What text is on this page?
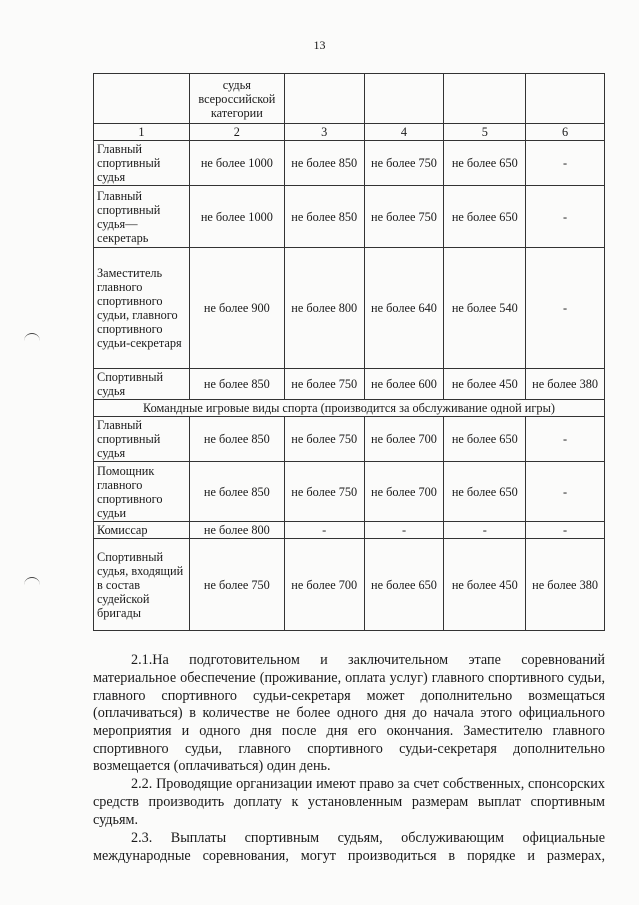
13
	судья всероссийской категории				
1	2	3	4	5	6
Главный спортивный судья	не более 1000	не более 850	не более 750	не более 650	-
Главный спортивный судья— секретарь	не более 1000	не более 850	не более 750	не более 650	-
Заместитель главного спортивного судьи, главного спортивного судьи-секретаря	не более 900	не более 800	не более 640	не более 540	-
Спортивный судья	не более 850	не более 750	не более 600	не более 450	не более 380
Командные игровые виды спорта (производится за обслуживание одной игры)					
Главный спортивный судья	не более 850	не более 750	не более 700	не более 650	-
Помощник главного спортивного судьи	не более 850	не более 750	не более 700	не более 650	-
Комиссар	не более 800	-	-	-	-
Спортивный судья, входящий в состав судейской бригады	не более 750	не более 700	не более 650	не более 450	не более 380

2.1.На подготовительном и заключительном этапе соревнований материальное обеспечение (проживание, оплата услуг) главного спортивного судьи, главного спортивного судьи-секретаря может дополнительно возмещаться (оплачиваться) в количестве не более одного дня до начала этого официального мероприятия и одного дня после дня его окончания. Заместителю главного спортивного судьи, главного спортивного судьи-секретаря дополнительно возмещается (оплачиваться) один день.

2.2. Проводящие организации имеют право за счет собственных, спонсорских средств производить доплату к установленным размерам выплат спортивным судьям.

2.3. Выплаты спортивным судьям, обслуживающим официальные международные соревнования, могут производиться в порядке и размерах,
